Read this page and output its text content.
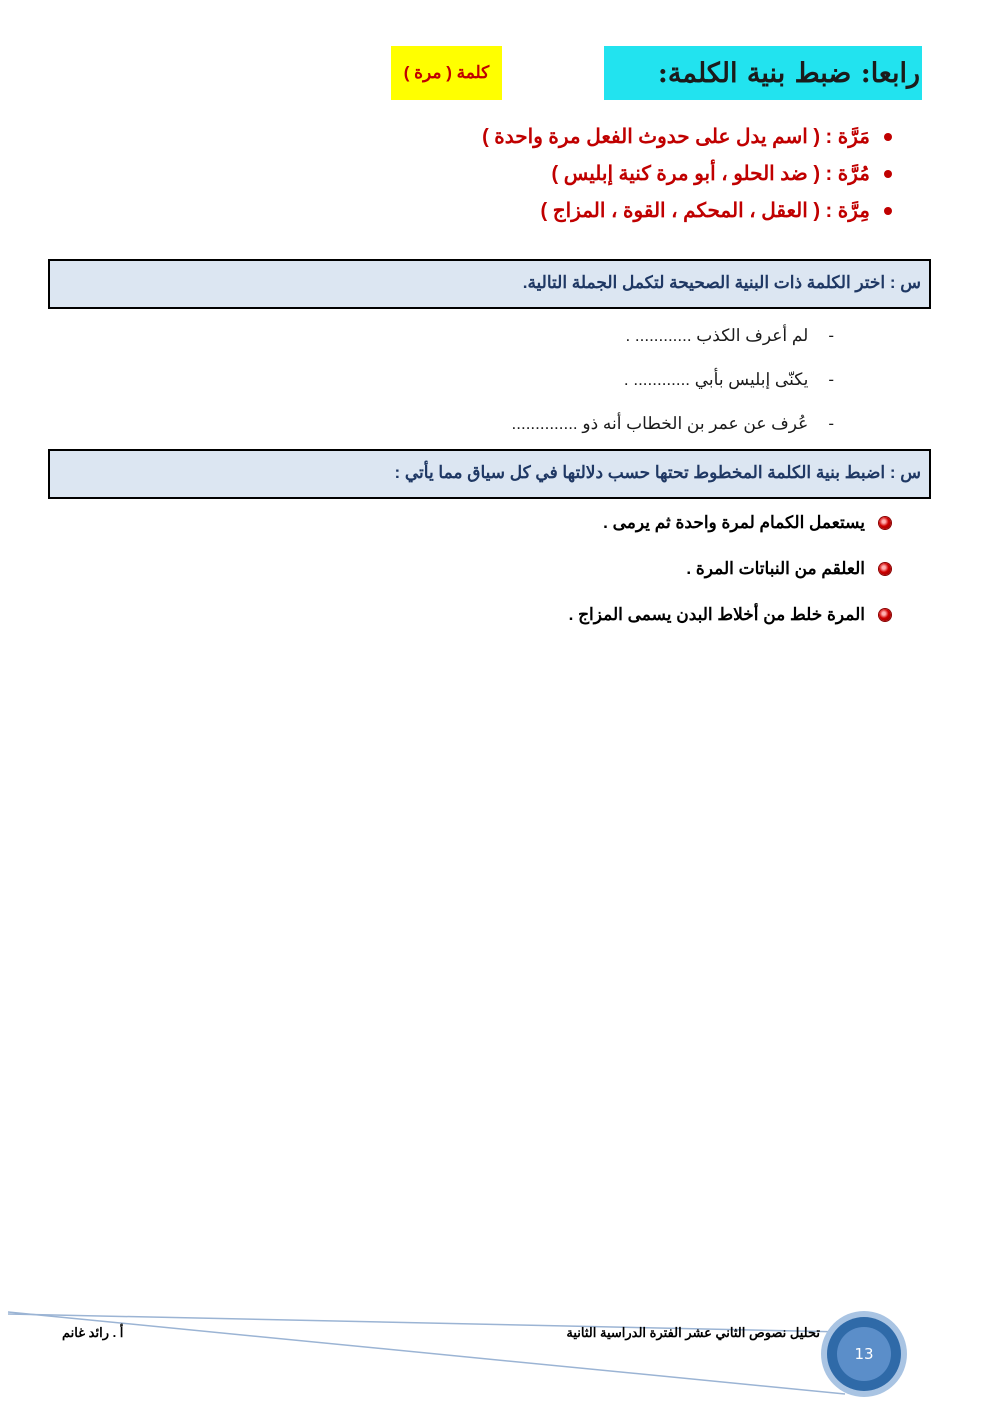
رابعا: ضبط بنية الكلمة:
كلمة ( مرة )
مَرَّة : ( اسم يدل على حدوث الفعل مرة واحدة )
مُرَّة : ( ضد الحلو ، أبو مرة كنية إبليس )
مِرَّة : ( العقل ، المحكم ، القوة ، المزاج )
س : اختر الكلمة ذات البنية الصحيحة لتكمل الجملة التالية.
-
لم أعرف الكذب ............ .
-
يكنّى إبليس بأبي ............ .
-
عُرف عن عمر بن الخطاب أنه ذو ..............
س : اضبط بنية الكلمة المخطوط تحتها حسب دلالتها في كل سياق مما يأتي :
يستعمل الكمام لمرة واحدة ثم يرمى .
العلقم من النباتات المرة .
المرة خلط من أخلاط البدن يسمى المزاج .
تحليل نصوص الثاني عشر الفترة الدراسية الثانية
أ . رائد غانم
13
